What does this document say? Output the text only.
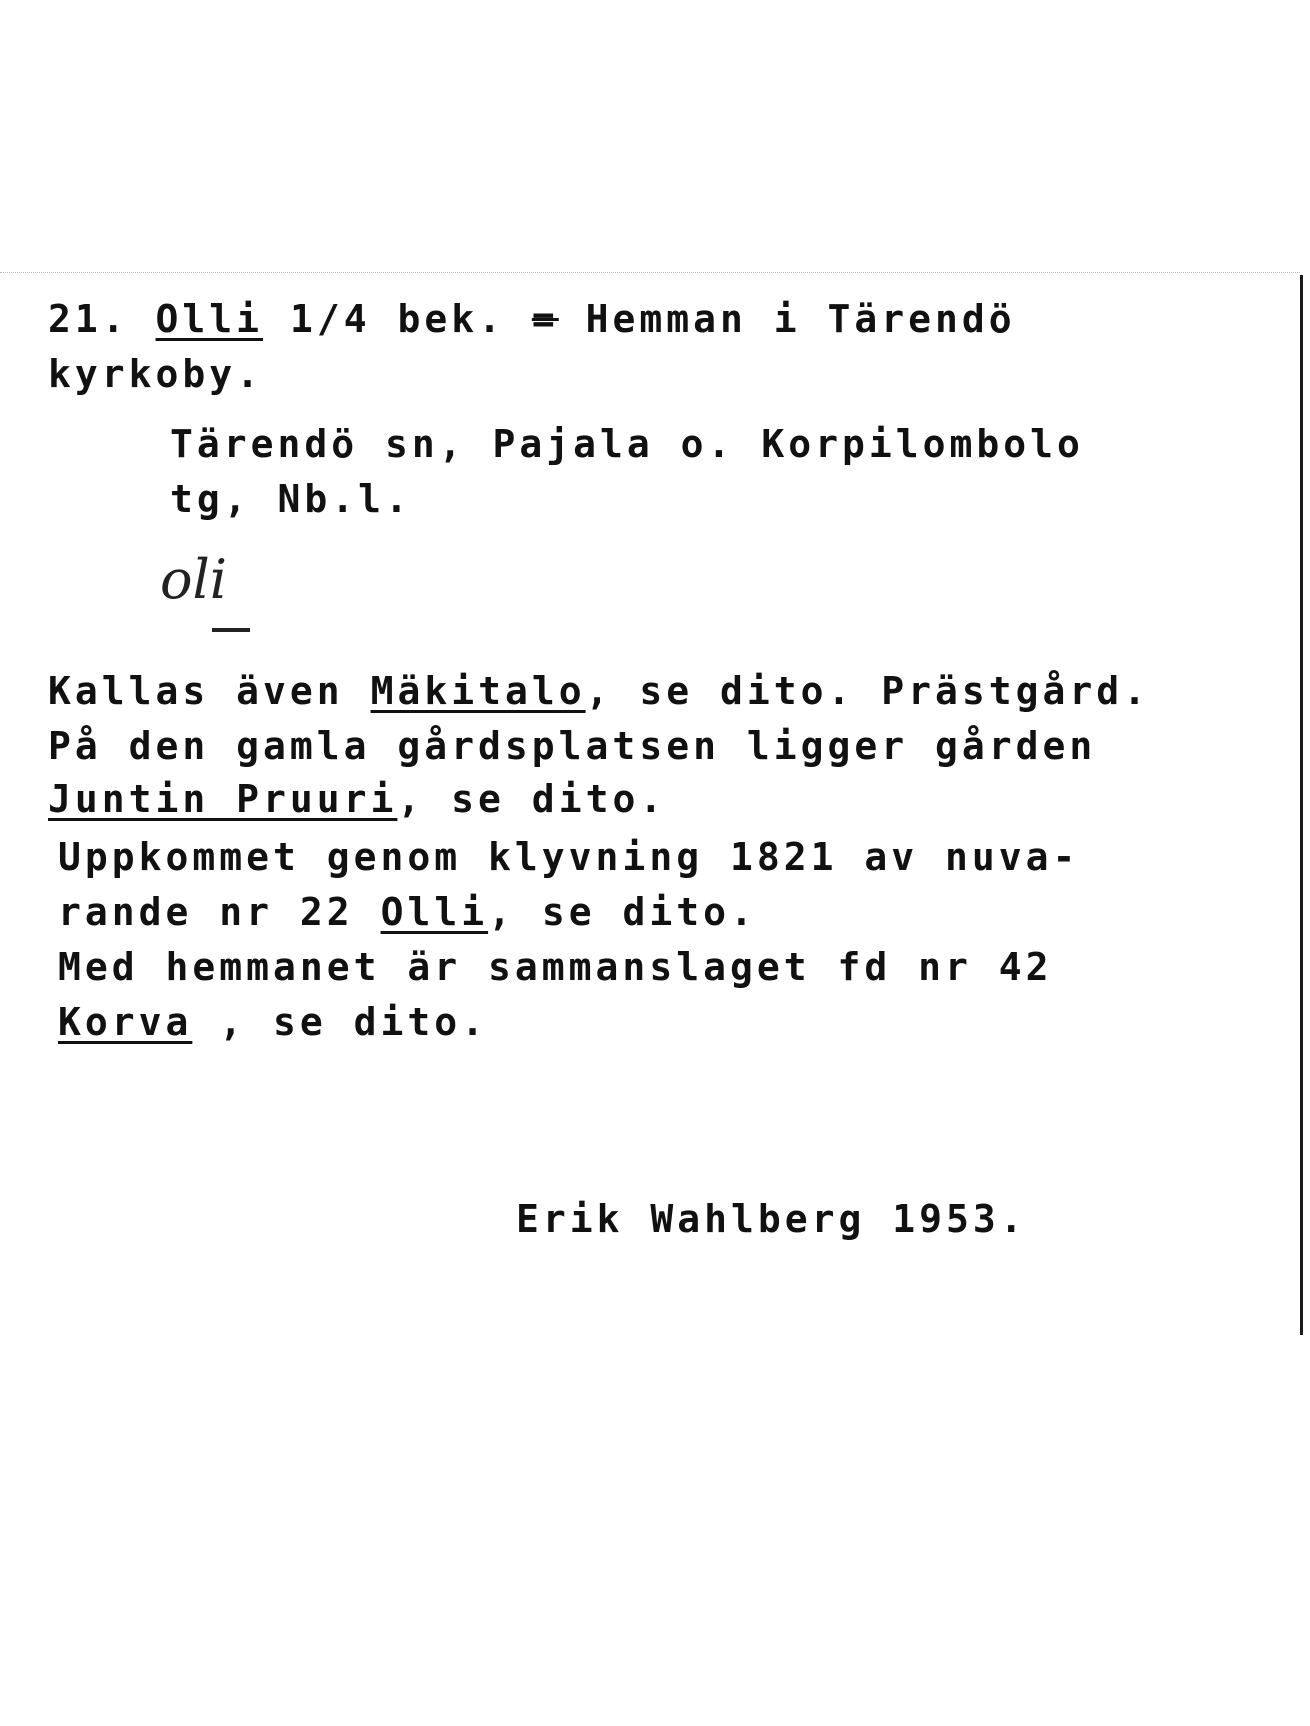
21. Olli 1/4 bek. = Hemman i Tärendö
kyrkoby.
Tärendö sn, Pajala o. Korpilombolo
tg, Nb.l.
oli
Kallas även Mäkitalo, se dito. Prästgård.
På den gamla gårdsplatsen ligger gården
Juntin Pruuri, se dito.
Uppkommet genom klyvning 1821 av nuva-
rande nr 22 Olli, se dito.
Med hemmanet är sammanslaget fd nr 42
Korva , se dito.
Erik Wahlberg 1953.
